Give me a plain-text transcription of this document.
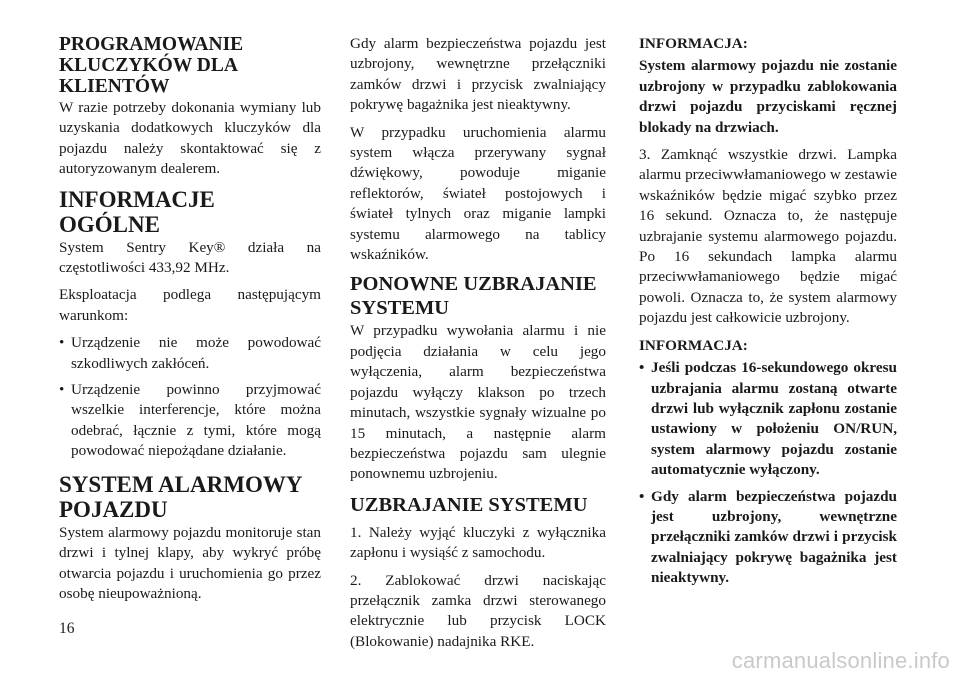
PROGRAMOWANIE KLUCZYKÓW DLA KLIENTÓW

W razie potrzeby dokonania wymiany lub uzyskania dodatkowych kluczyków dla pojazdu należy skontaktować się z autoryzowanym dealerem.

INFORMACJE OGÓLNE

System Sentry Key® działa na częstotliwości 433,92 MHz.

Eksploatacja podlega następującym warunkom:

• Urządzenie nie może powodować szkodliwych zakłóceń.
• Urządzenie powinno przyjmować wszelkie interferencje, które można odebrać, łącznie z tymi, które mogą powodować niepożądane działanie.
SYSTEM ALARMOWY POJAZDU

System alarmowy pojazdu monitoruje stan drzwi i tylnej klapy, aby wykryć próbę otwarcia pojazdu i uruchomienia go przez osobę nieupoważnioną.

Gdy alarm bezpieczeństwa pojazdu jest uzbrojony, wewnętrzne przełączniki zamków drzwi i przycisk zwalniający pokrywę bagażnika jest nieaktywny.

W przypadku uruchomienia alarmu system włącza przerywany sygnał dźwiękowy, powoduje miganie reflektorów, świateł postojowych i świateł tylnych oraz miganie lampki systemu alarmowego na tablicy wskaźników.

PONOWNE UZBRAJANIE SYSTEMU

W przypadku wywołania alarmu i nie podjęcia działania w celu jego wyłączenia, alarm bezpieczeństwa pojazdu wyłączy klakson po trzech minutach, wszystkie sygnały wizualne po 15 minutach, a następnie alarm bezpieczeństwa pojazdu sam ulegnie ponownemu uzbrojeniu.

UZBRAJANIE SYSTEMU

1. Należy wyjąć kluczyki z wyłącznika zapłonu i wysiąść z samochodu.

2. Zablokować drzwi naciskając przełącznik zamka drzwi sterowanego elektrycznie lub przycisk LOCK (Blokowanie) nadajnika RKE.

INFORMACJA:

System alarmowy pojazdu nie zostanie uzbrojony w przypadku zablokowania drzwi pojazdu przyciskami ręcznej blokady na drzwiach.

3. Zamknąć wszystkie drzwi. Lampka alarmu przeciwwłamaniowego w zestawie wskaźników będzie migać szybko przez 16 sekund. Oznacza to, że następuje uzbrajanie systemu alarmowego pojazdu. Po 16 sekundach lampka alarmu przeciwwłamaniowego będzie migać powoli. Oznacza to, że system alarmowy pojazdu jest całkowicie uzbrojony.

INFORMACJA:
• Jeśli podczas 16-sekundowego okresu uzbrajania alarmu zostaną otwarte drzwi lub wyłącznik zapłonu zostanie ustawiony w położeniu ON/RUN, system alarmowy pojazdu zostanie automatycznie wyłączony.
• Gdy alarm bezpieczeństwa pojazdu jest uzbrojony, wewnętrzne przełączniki zamków drzwi i przycisk zwalniający pokrywę bagażnika jest nieaktywny.
16
carmanualsonline.info
